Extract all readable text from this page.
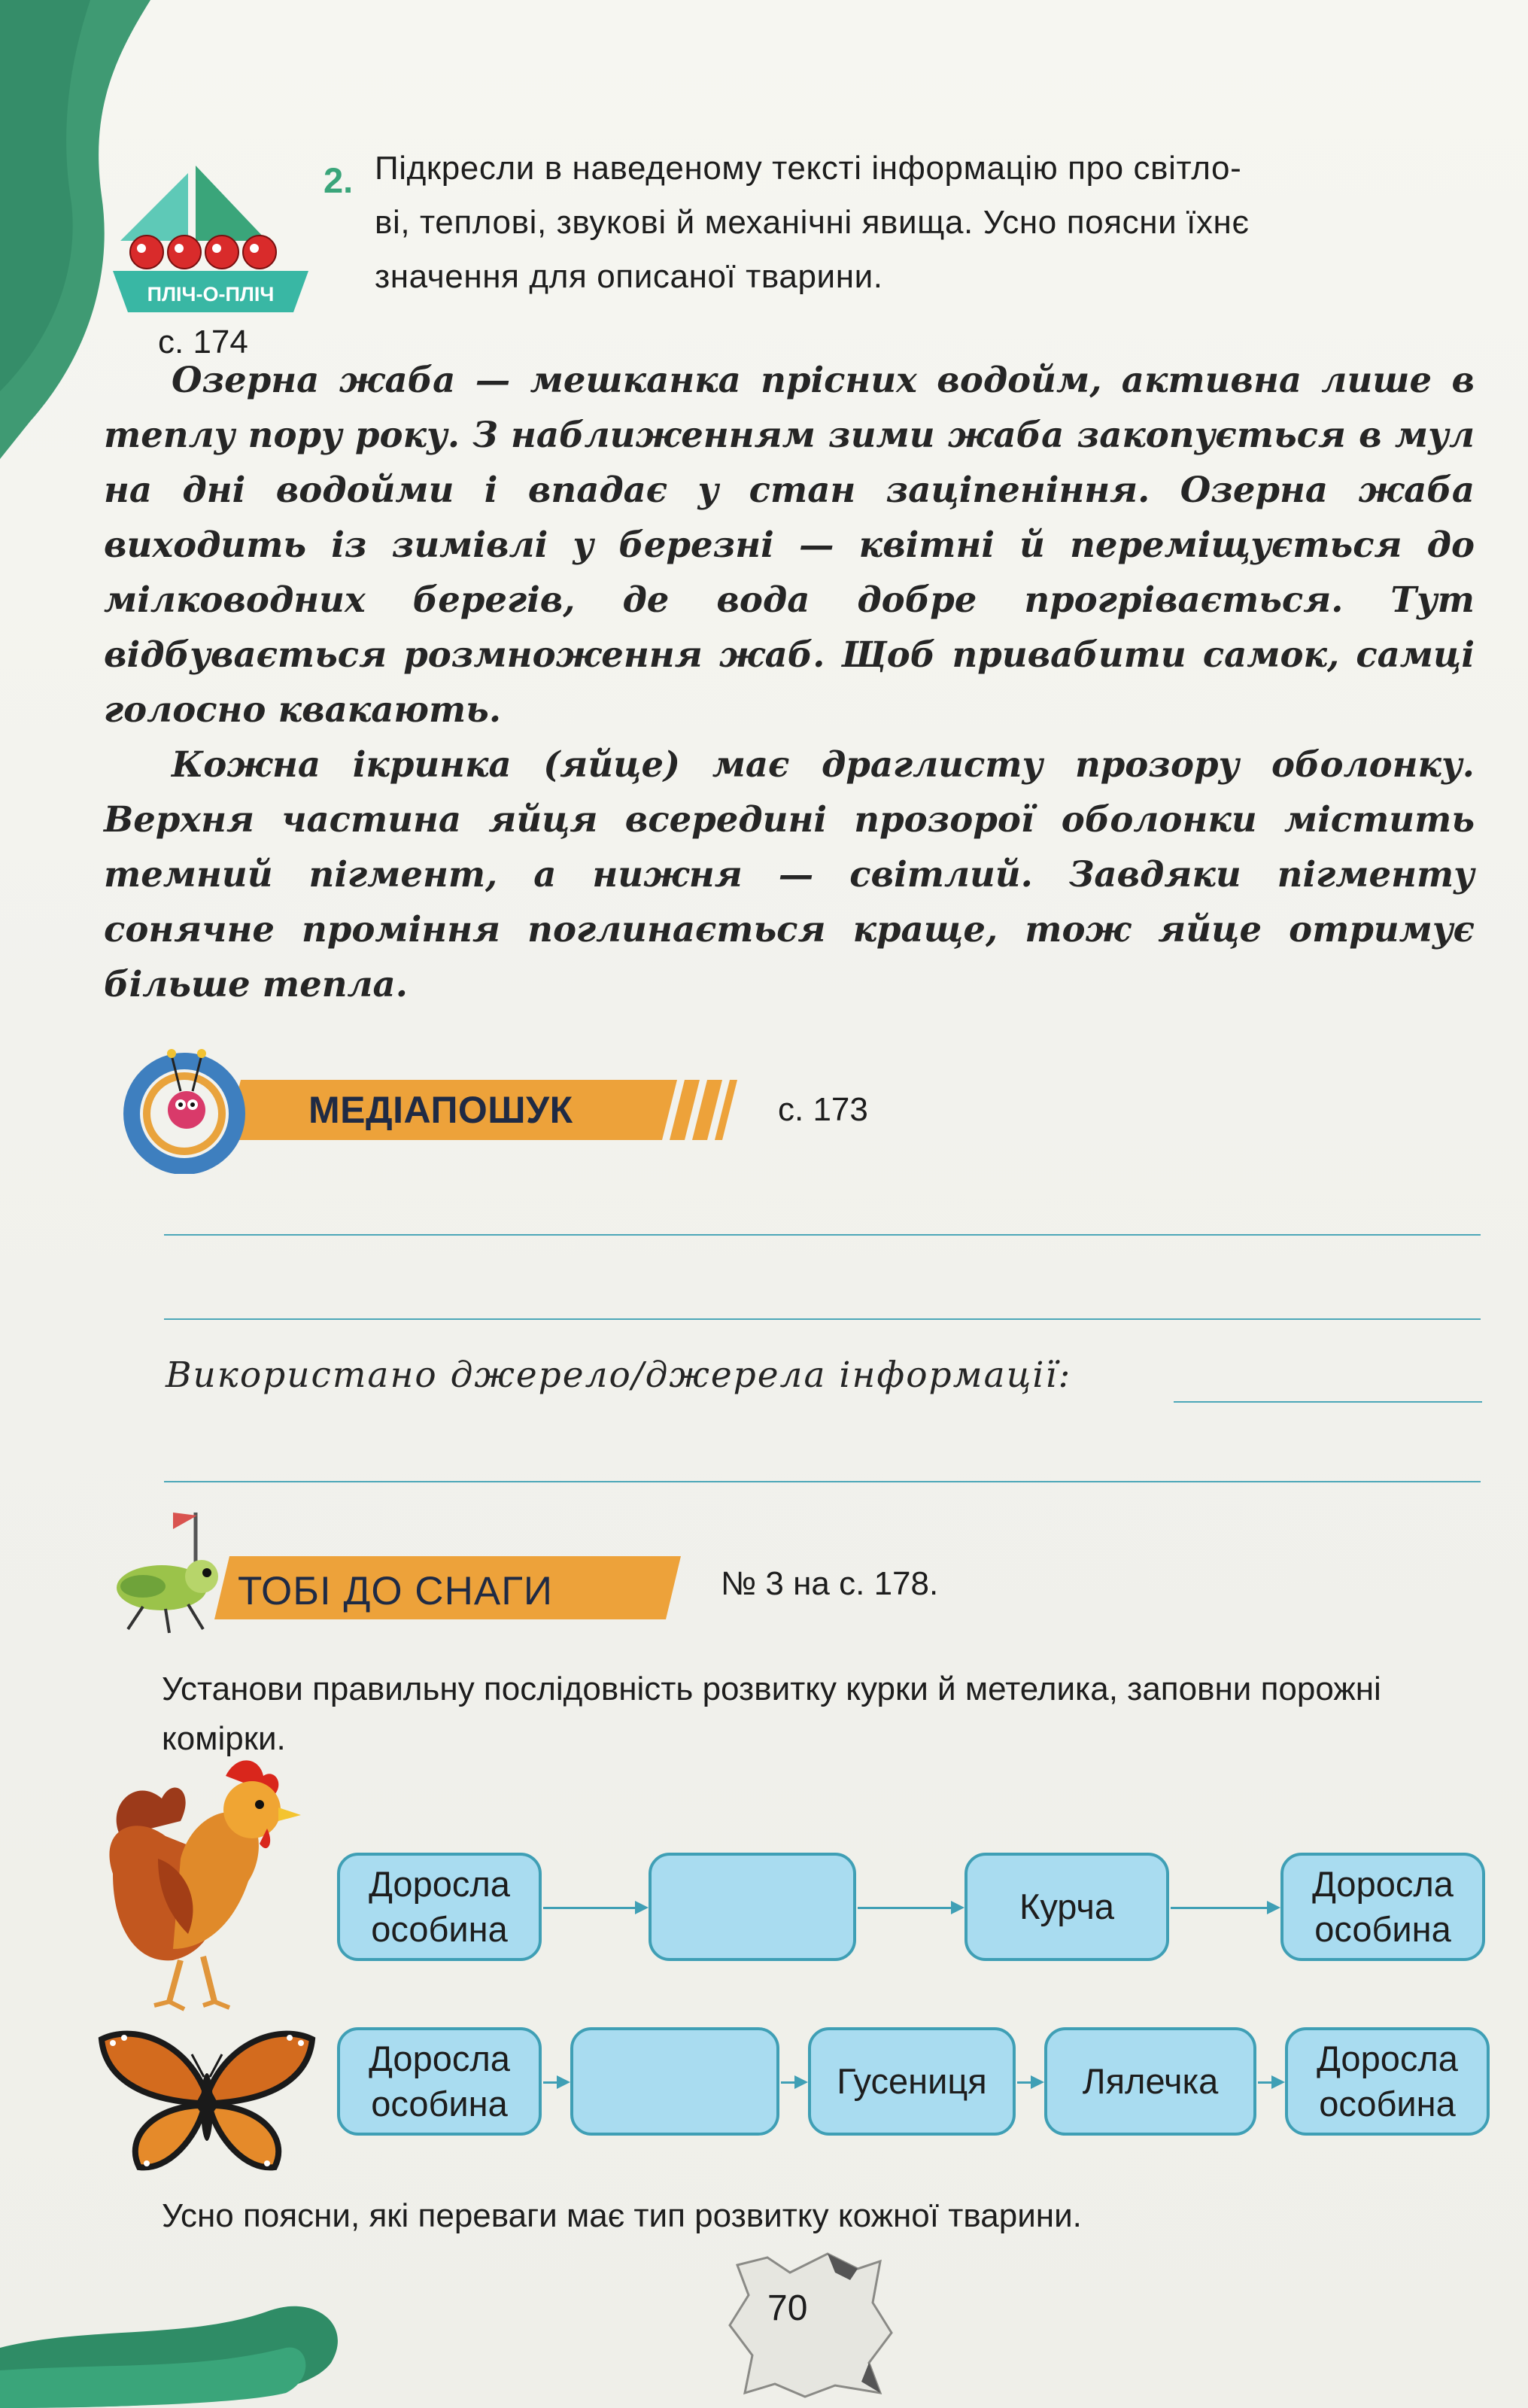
ПЛІЧ-О-ПЛІЧ
2. Підкресли в наведеному тексті інформацію про світло-
ві, теплові, звукові й механічні явища. Усно поясни їхнє
значення для описаної тварини.
с. 174

Озерна жаба — мешканка прісних водойм, активна лише в теплу пору року. З наближенням зими жаба закопується в мул на дні водойми і впадає у стан заціпеніння. Озерна жаба виходить із зимівлі у березні — квітні й переміщується до мілководних берегів, де вода добре прогрівається. Тут відбувається розмноження жаб. Щоб привабити самок, самці голосно квакають.

Кожна ікринка (яйце) має драглисту прозору оболонку. Верхня частина яйця всередині прозорої оболонки містить темний пігмент, а нижня — світлий. Завдяки пігменту сонячне проміння поглинається краще, тож яйце отримує більше тепла.

МЕДІАПОШУК	с. 173
Використано джерело/джерела інформації:
ТОБІ ДО СНАГИ	№ 3 на с. 178.
Установи правильну послідовність розвитку курки й метелика, заповни порожні комірки.
Доросла особина
Курча
Доросла особина
Доросла особина
Гусениця	Лялечка
Доросла особина
Усно поясни, які переваги має тип розвитку кожної тварини.
70
